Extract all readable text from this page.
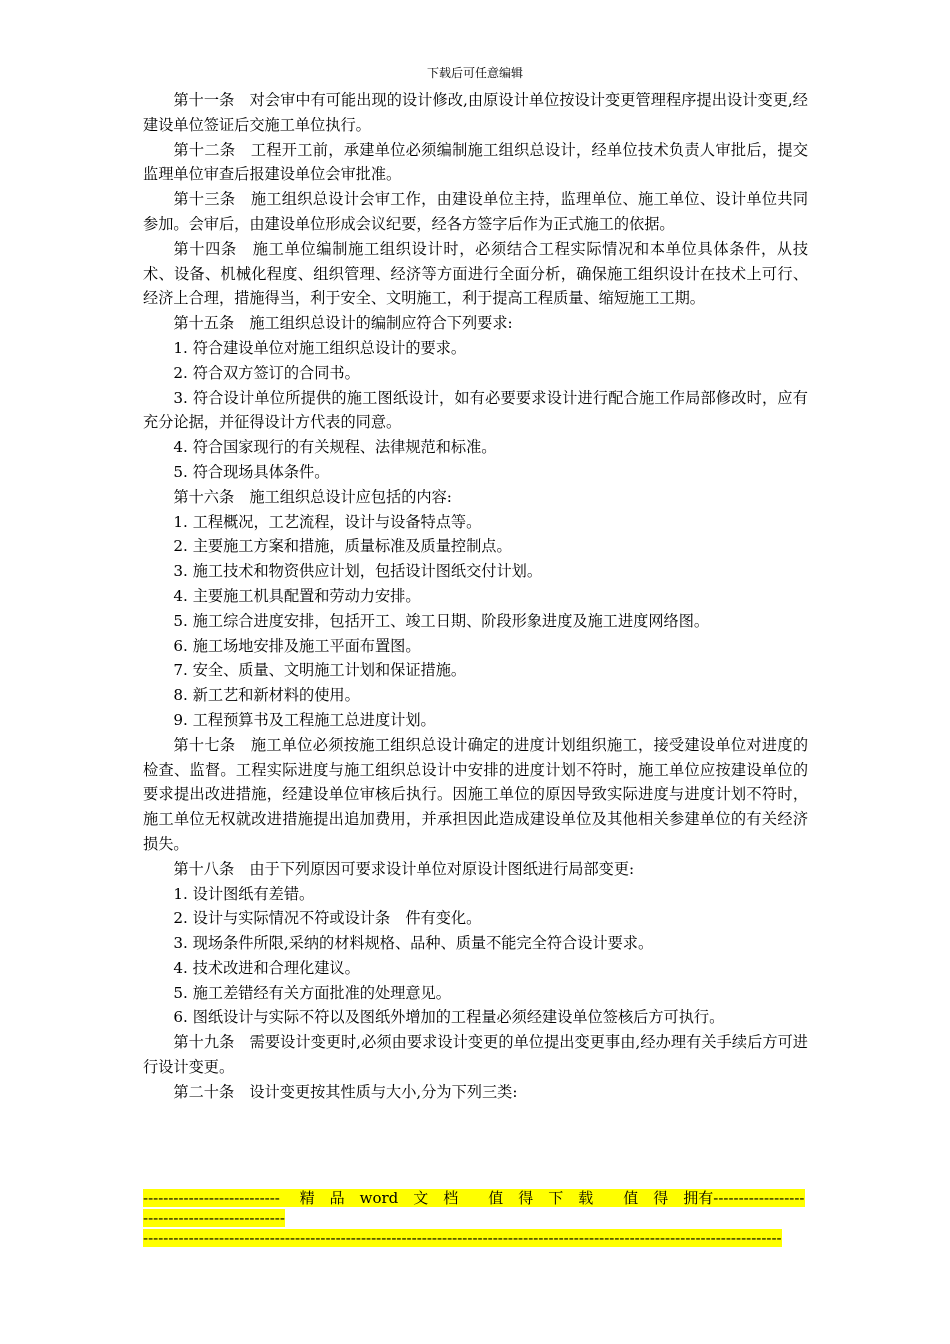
下载后可任意编辑

第十一条　对会审中有可能出现的设计修改,由原设计单位按设计变更管理程序提出设计变更,经建设单位签证后交施工单位执行。

第十二条　工程开工前，承建单位必须编制施工组织总设计，经单位技术负责人审批后，提交监理单位审查后报建设单位会审批准。

第十三条　施工组织总设计会审工作，由建设单位主持，监理单位、施工单位、设计单位共同参加。会审后，由建设单位形成会议纪要，经各方签字后作为正式施工的依据。

第十四条　施工单位编制施工组织设计时，必须结合工程实际情况和本单位具体条件，从技术、设备、机械化程度、组织管理、经济等方面进行全面分析，确保施工组织设计在技术上可行、经济上合理，措施得当，利于安全、文明施工，利于提高工程质量、缩短施工工期。

第十五条　施工组织总设计的编制应符合下列要求:

1. 符合建设单位对施工组织总设计的要求。

2. 符合双方签订的合同书。

3. 符合设计单位所提供的施工图纸设计，如有必要要求设计进行配合施工作局部修改时，应有充分论据，并征得设计方代表的同意。

4. 符合国家现行的有关规程、法律规范和标准。

5. 符合现场具体条件。

第十六条　施工组织总设计应包括的内容:

1. 工程概况，工艺流程，设计与设备特点等。

2. 主要施工方案和措施，质量标准及质量控制点。

3. 施工技术和物资供应计划，包括设计图纸交付计划。

4. 主要施工机具配置和劳动力安排。

5. 施工综合进度安排，包括开工、竣工日期、阶段形象进度及施工进度网络图。

6. 施工场地安排及施工平面布置图。

7. 安全、质量、文明施工计划和保证措施。

8. 新工艺和新材料的使用。

9. 工程预算书及工程施工总进度计划。

第十七条　施工单位必须按施工组织总设计确定的进度计划组织施工，接受建设单位对进度的检查、监督。工程实际进度与施工组织总设计中安排的进度计划不符时，施工单位应按建设单位的要求提出改进措施，经建设单位审核后执行。因施工单位的原因导致实际进度与进度计划不符时，施工单位无权就改进措施提出追加费用，并承担因此造成建设单位及其他相关参建单位的有关经济损失。

第十八条　由于下列原因可要求设计单位对原设计图纸进行局部变更:

1. 设计图纸有差错。

2. 设计与实际情况不符或设计条　件有变化。

3. 现场条件所限,采纳的材料规格、品种、质量不能完全符合设计要求。

4. 技术改进和合理化建议。

5. 施工差错经有关方面批准的处理意见。

6. 图纸设计与实际不符以及图纸外增加的工程量必须经建设单位签核后方可执行。

第十九条　需要设计变更时,必须由要求设计变更的单位提出变更事由,经办理有关手续后方可进行设计变更。

第二十条　设计变更按其性质与大小,分为下列三类:

--------------------------- 　精　品　word　文　档　　值　得　下　载　　值　得　拥有----------------------------------------------

------------------------------------------------------------------------------------------------------------------------------
